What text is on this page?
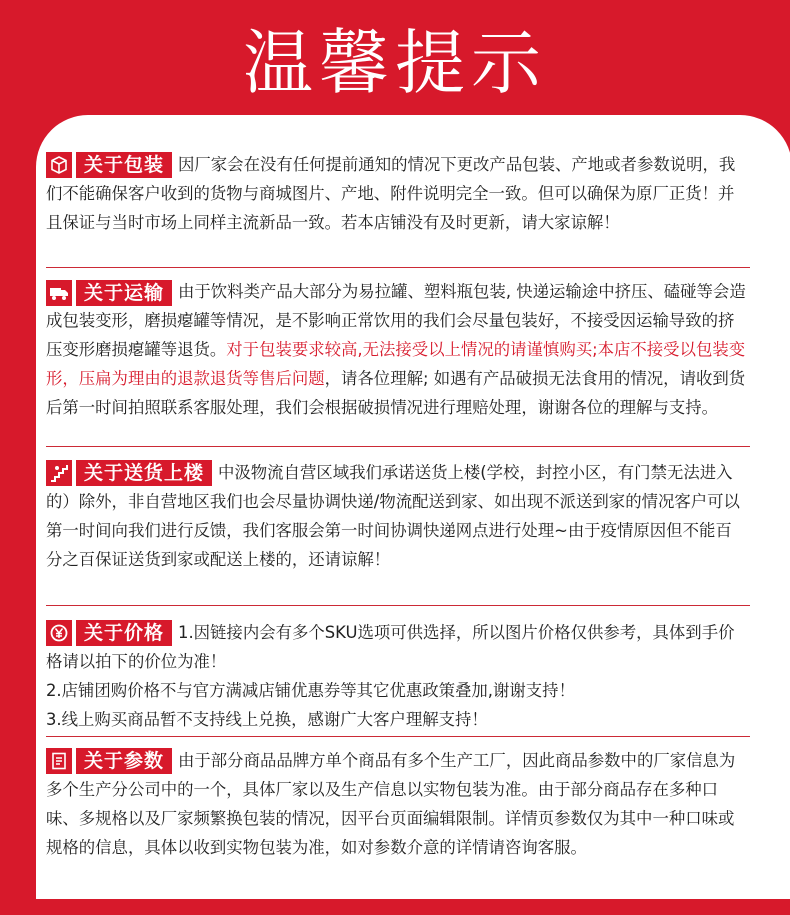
温馨提示
关于包装 因厂家会在没有任何提前通知的情况下更改产品包装、产地或者参数说明，我们不能确保客户收到的货物与商城图片、产地、附件说明完全一致。但可以确保为原厂正货！并且保证与当时市场上同样主流新品一致。若本店铺没有及时更新，请大家谅解！
关于运输 由于饮料类产品大部分为易拉罐、塑料瓶包装, 快递运输途中挤压、磕碰等会造成包装变形，磨损瘪罐等情况，是不影响正常饮用的我们会尽量包装好，不接受因运输导致的挤压变形磨损瘪罐等退货。对于包装要求较高,无法接受以上情况的请谨慎购买;本店不接受以包装变形，压扁为理由的退款退货等售后问题，请各位理解; 如遇有产品破损无法食用的情况，请收到货后第一时间拍照联系客服处理，我们会根据破损情况进行理赔处理，谢谢各位的理解与支持。
关于送货上楼 中汲物流自营区域我们承诺送货上楼(学校，封控小区，有门禁无法进入的）除外，非自营地区我们也会尽量协调快递/物流配送到家、如出现不派送到家的情况客户可以第一时间向我们进行反馈，我们客服会第一时间协调快递网点进行处理~由于疫情原因但不能百分之百保证送货到家或配送上楼的，还请谅解！
关于价格 1.因链接内会有多个SKU选项可供选择，所以图片价格仅供参考，具体到手价格请以拍下的价位为准！
2.店铺团购价格不与官方满减店铺优惠券等其它优惠政策叠加,谢谢支持！
3.线上购买商品暂不支持线上兑换，感谢广大客户理解支持！
关于参数 由于部分商品品牌方单个商品有多个生产工厂，因此商品参数中的厂家信息为多个生产分公司中的一个，具体厂家以及生产信息以实物包装为准。由于部分商品存在多种口味、多规格以及厂家频繁换包装的情况，因平台页面编辑限制。详情页参数仅为其中一种口味或规格的信息，具体以收到实物包装为准，如对参数介意的详情请咨询客服。
